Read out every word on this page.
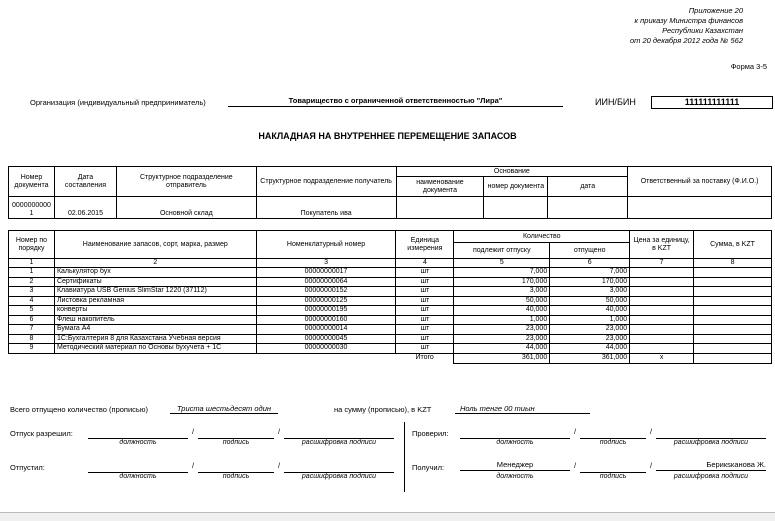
Приложение 20
к приказу Министра финансов
Республики Казахстан
от 20 декабря 2012 года № 562
Форма 3-5
Организация (индивидуальный предприниматель)	Товарищество с ограниченной ответственностью "Лира"	ИИН/БИН	111111111111
НАКЛАДНАЯ НА ВНУТРЕННЕЕ ПЕРЕМЕЩЕНИЕ ЗАПАСОВ
Номер документа	Дата составления	Структурное подразделение отправитель	Структурное подразделение получатель	Основание			Ответственный за поставку (Ф.И.О.)
				наименование документа	номер документа	дата	
0000000000 1	02.06.2015	Основной склад	Покупатель ива				
Номер по порядку	Наименование запасов, сорт, марка, размер	Номенклатурный номер	Единица измерения	Количество		Цена за единицу, в KZT	Сумма, в KZT
				подлежит отпуску	отпущено		
1	2	3	4	5	6	7	8
1	Калькулятор бух	00000000017	шт	7,000	7,000		
2	Сертификаты	00000000064	шт	170,000	170,000		
3	Клавиатура USB Genius SlimStar 1220 (37112)	00000000152	шт	3,000	3,000		
4	Листовка рекламная	00000000125	шт	50,000	50,000		
5	конверты	00000000195	шт	40,000	40,000		
6	Флеш накопитель	00000000160	шт	1,000	1,000		
7	Бумага А4	00000000014	шт	23,000	23,000		
8	1С:Бухгалтерия 8 для Казахстана Учебная версия	00000000045	шт	23,000	23,000		
9	Методический материал по Основы бухучета + 1С	00000000030	шт	44,000	44,000		
			Итого	361,000	361,000	x	
Всего отпущено количество (прописью)	Триста шестьдесят один	на сумму (прописью), в KZT	Ноль тенге 00 тиын
Отпуск разрешил:	/	/
должность	подпись	расшифровка подписи
Проверил:	/	/
должность	подпись	расшифровка подписи
Отпустил:	/	/
должность	подпись	расшифровка подписи
Получил:	Менеджер	/	/	Берикsканова Ж.
должность	подпись	расшифровка подписи
